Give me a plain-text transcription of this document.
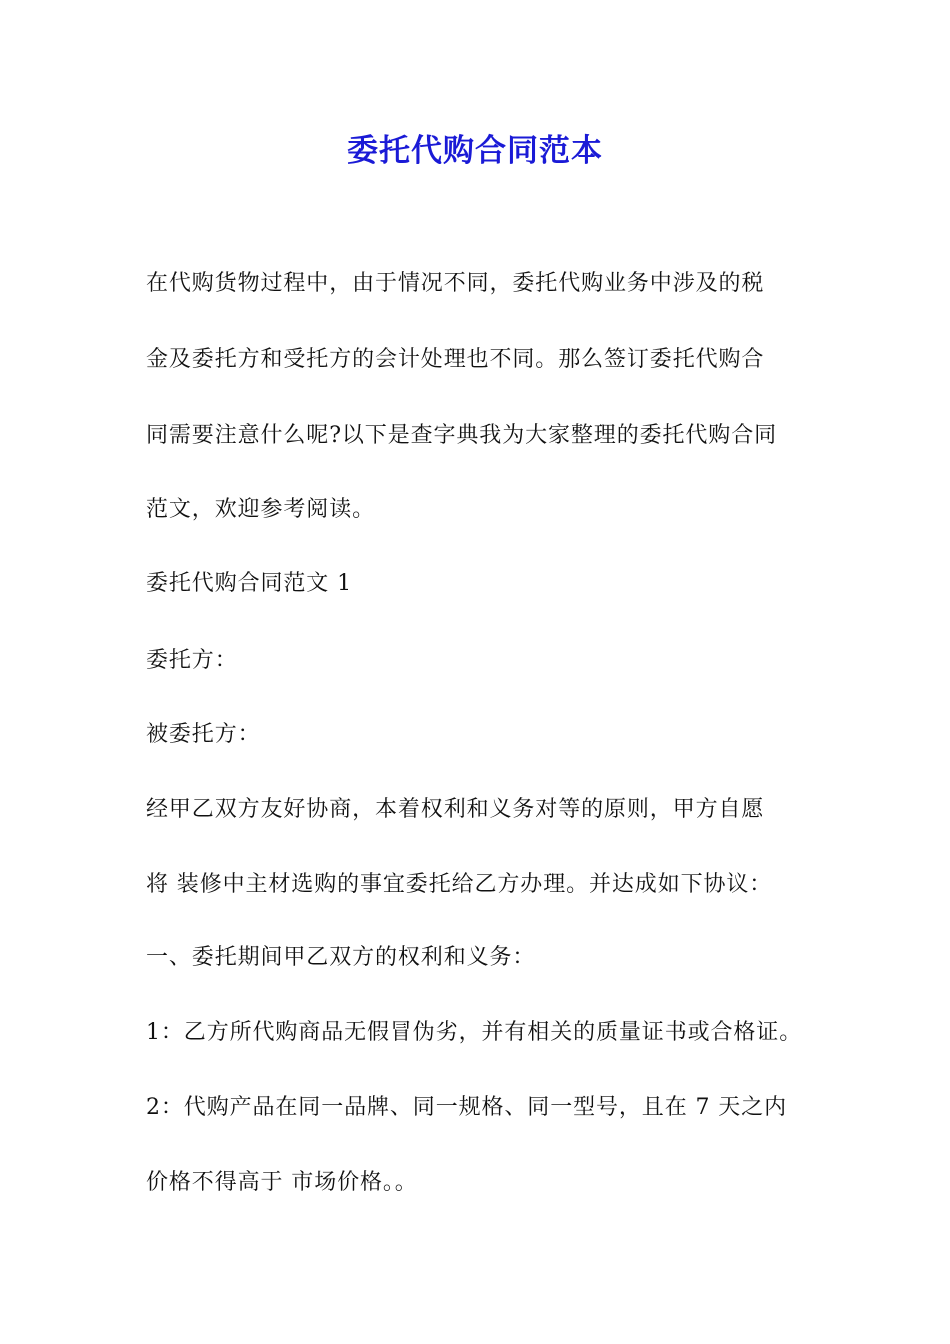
委托代购合同范本
在代购货物过程中，由于情况不同，委托代购业务中涉及的税
金及委托方和受托方的会计处理也不同。那么签订委托代购合
同需要注意什么呢?以下是查字典我为大家整理的委托代购合同
范文，欢迎参考阅读。
委托代购合同范文 1
委托方：
被委托方：
经甲乙双方友好协商，本着权利和义务对等的原则，甲方自愿
将 装修中主材选购的事宜委托给乙方办理。并达成如下协议：
一、委托期间甲乙双方的权利和义务：
1：乙方所代购商品无假冒伪劣，并有相关的质量证书或合格证。
2：代购产品在同一品牌、同一规格、同一型号，且在 7 天之内
价格不得高于 市场价格。。
